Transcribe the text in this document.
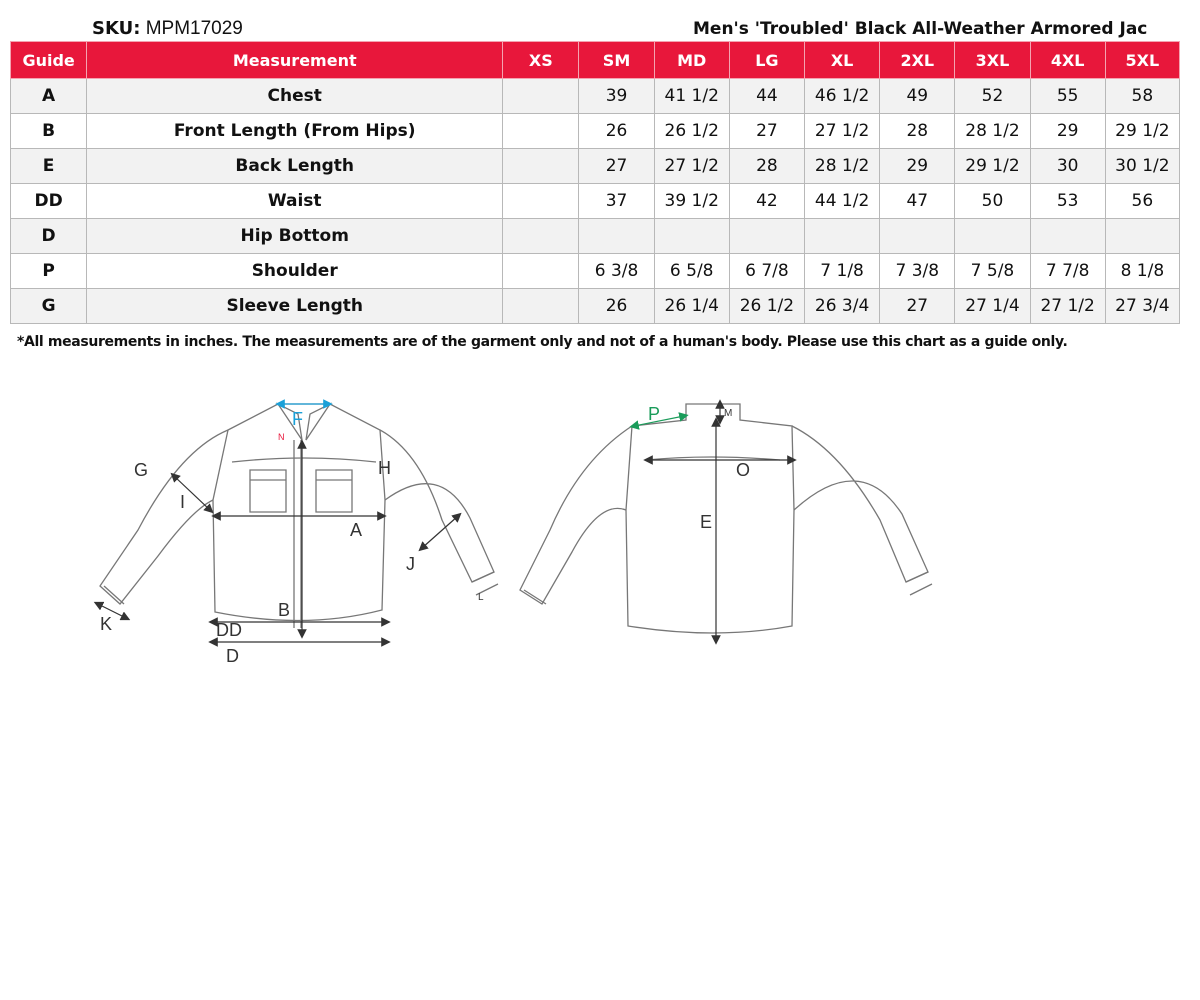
SKU: MPM17029	Men's 'Troubled' Black All-Weather Armored Jac
Guide	Measurement	XS	SM	MD	LG	XL	2XL	3XL	4XL	5XL
A	Chest		39	41 1/2	44	46 1/2	49	52	55	58
B	Front Length (From Hips)		26	26 1/2	27	27 1/2	28	28 1/2	29	29 1/2
E	Back Length		27	27 1/2	28	28 1/2	29	29 1/2	30	30 1/2
DD	Waist		37	39 1/2	42	44 1/2	47	50	53	56
D	Hip Bottom									
P	Shoulder		6 3/8	6 5/8	6 7/8	7 1/8	7 3/8	7 5/8	7 7/8	8 1/8
G	Sleeve Length		26	26 1/4	26 1/2	26 3/4	27	27 1/4	27 1/2	27 3/4
*All measurements in inches. The measurements are of the garment only and not of a human's body. Please use this chart as a guide only.
F
N
G
I
H
A
J
L
B
K	DD
D
P	M
O
E
